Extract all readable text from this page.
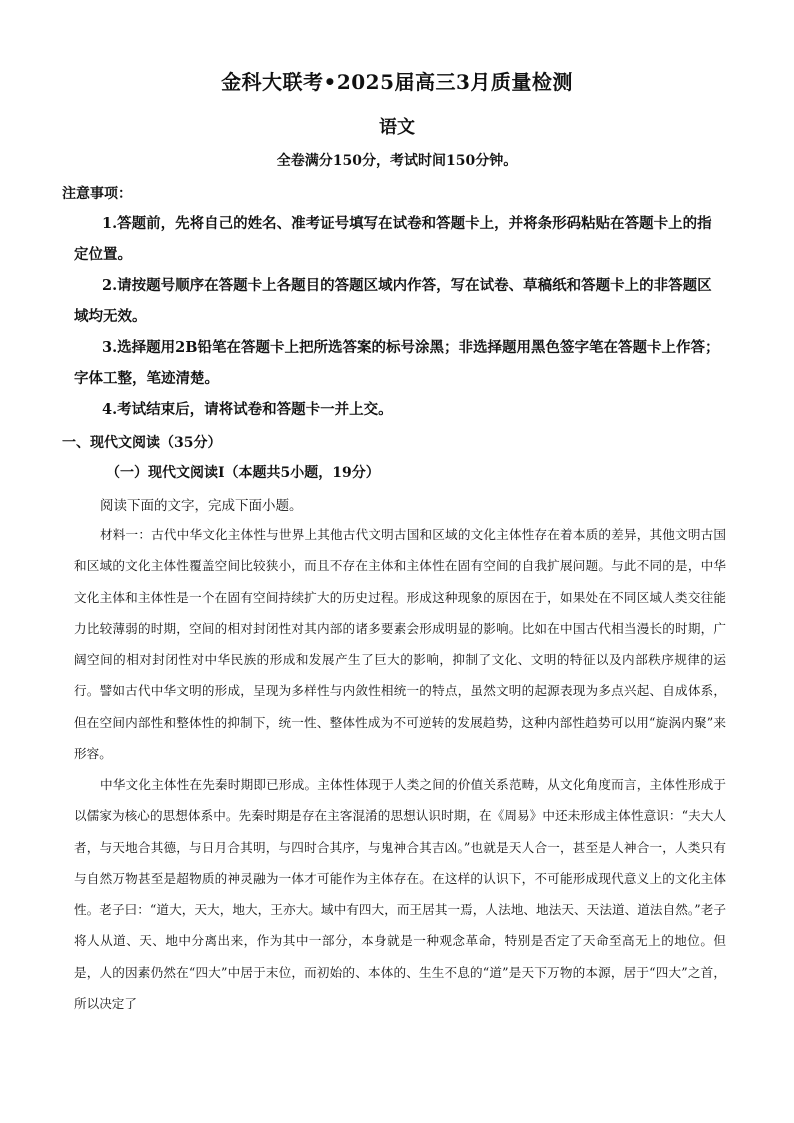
金科大联考•2025届高三3月质量检测
语文
全卷满分150分，考试时间150分钟。
注意事项：
1.答题前，先将自己的姓名、准考证号填写在试卷和答题卡上，并将条形码粘贴在答题卡上的指定位置。
2.请按题号顺序在答题卡上各题目的答题区域内作答，写在试卷、草稿纸和答题卡上的非答题区域均无效。
3.选择题用2B铅笔在答题卡上把所选答案的标号涂黑；非选择题用黑色签字笔在答题卡上作答；字体工整，笔迹清楚。
4.考试结束后，请将试卷和答题卡一并上交。
一、现代文阅读（35分）
（一）现代文阅读Ⅰ（本题共5小题，19分）
阅读下面的文字，完成下面小题。
材料一：古代中华文化主体性与世界上其他古代文明古国和区域的文化主体性存在着本质的差异，其他文明古国和区域的文化主体性覆盖空间比较狭小，而且不存在主体和主体性在固有空间的自我扩展问题。与此不同的是，中华文化主体和主体性是一个在固有空间持续扩大的历史过程。形成这种现象的原因在于，如果处在不同区域人类交往能力比较薄弱的时期，空间的相对封闭性对其内部的诸多要素会形成明显的影响。比如在中国古代相当漫长的时期，广阔空间的相对封闭性对中华民族的形成和发展产生了巨大的影响，抑制了文化、文明的特征以及内部秩序规律的运行。譬如古代中华文明的形成，呈现为多样性与内敛性相统一的特点，虽然文明的起源表现为多点兴起、自成体系，但在空间内部性和整体性的抑制下，统一性、整体性成为不可逆转的发展趋势，这种内部性趋势可以用“旋涡内聚”来形容。
中华文化主体性在先秦时期即已形成。主体性体现于人类之间的价值关系范畴，从文化角度而言，主体性形成于以儒家为核心的思想体系中。先秦时期是存在主客混淆的思想认识时期，在《周易》中还未形成主体性意识：“夫大人者，与天地合其德，与日月合其明，与四时合其序，与鬼神合其吉凶。”也就是天人合一，甚至是人神合一，人类只有与自然万物甚至是超物质的神灵融为一体才可能作为主体存在。在这样的认识下，不可能形成现代意义上的文化主体性。老子曰：“道大，天大，地大，王亦大。域中有四大，而王居其一焉，人法地、地法天、天法道、道法自然。”老子将人从道、天、地中分离出来，作为其中一部分，本身就是一种观念革命，特别是否定了天命至高无上的地位。但是，人的因素仍然在“四大”中居于末位，而初始的、本体的、生生不息的“道”是天下万物的本源，居于“四大”之首，所以决定了
